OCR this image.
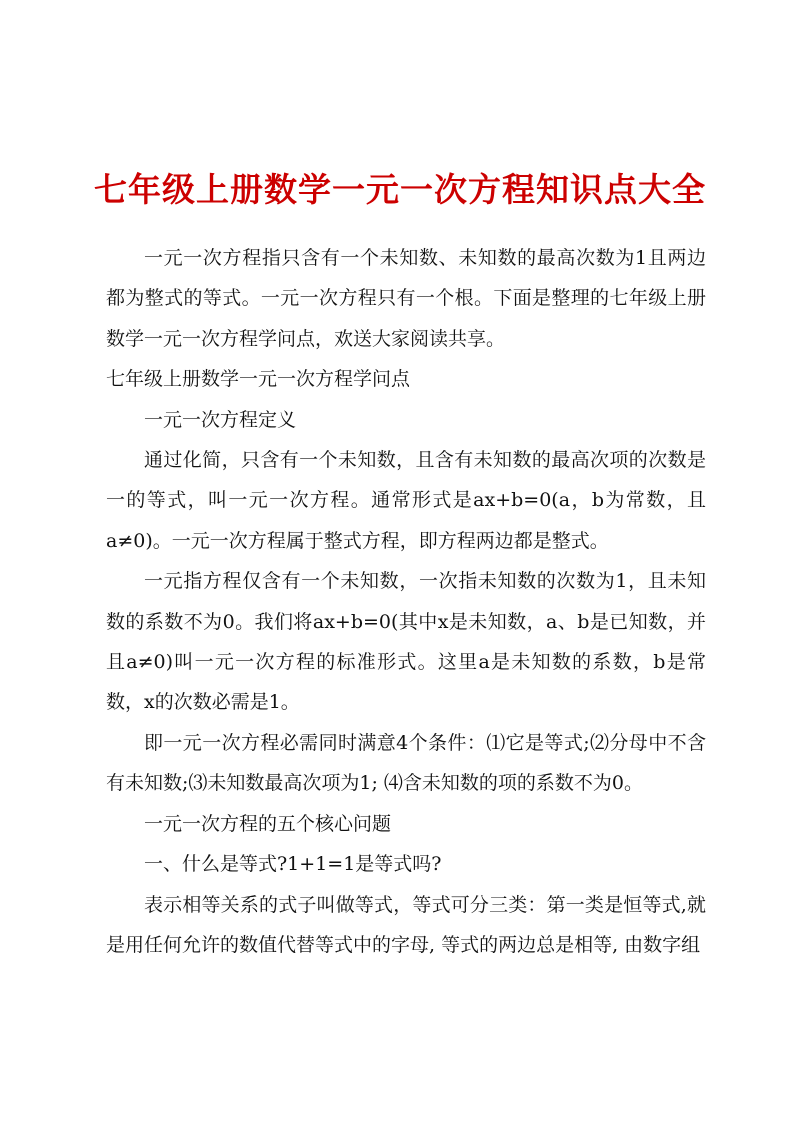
七年级上册数学一元一次方程知识点大全

一元一次方程指只含有一个未知数、未知数的最高次数为1且两边都为整式的等式。一元一次方程只有一个根。下面是整理的七年级上册数学一元一次方程学问点，欢送大家阅读共享。

七年级上册数学一元一次方程学问点

一元一次方程定义

通过化简，只含有一个未知数，且含有未知数的最高次项的次数是一的等式，叫一元一次方程。通常形式是ax+b=0(a，b为常数，且a≠0)。一元一次方程属于整式方程，即方程两边都是整式。

一元指方程仅含有一个未知数，一次指未知数的次数为1，且未知数的系数不为0。我们将ax+b=0(其中x是未知数，a、b是已知数，并且a≠0)叫一元一次方程的标准形式。这里a是未知数的系数，b是常数，x的次数必需是1。

即一元一次方程必需同时满意4个条件：⑴它是等式;⑵分母中不含有未知数;⑶未知数最高次项为1; ⑷含未知数的项的系数不为0。

一元一次方程的五个核心问题

一、什么是等式?1+1=1是等式吗?

表示相等关系的式子叫做等式，等式可分三类：第一类是恒等式,就是用任何允许的数值代替等式中的字母, 等式的两边总是相等, 由数字组
